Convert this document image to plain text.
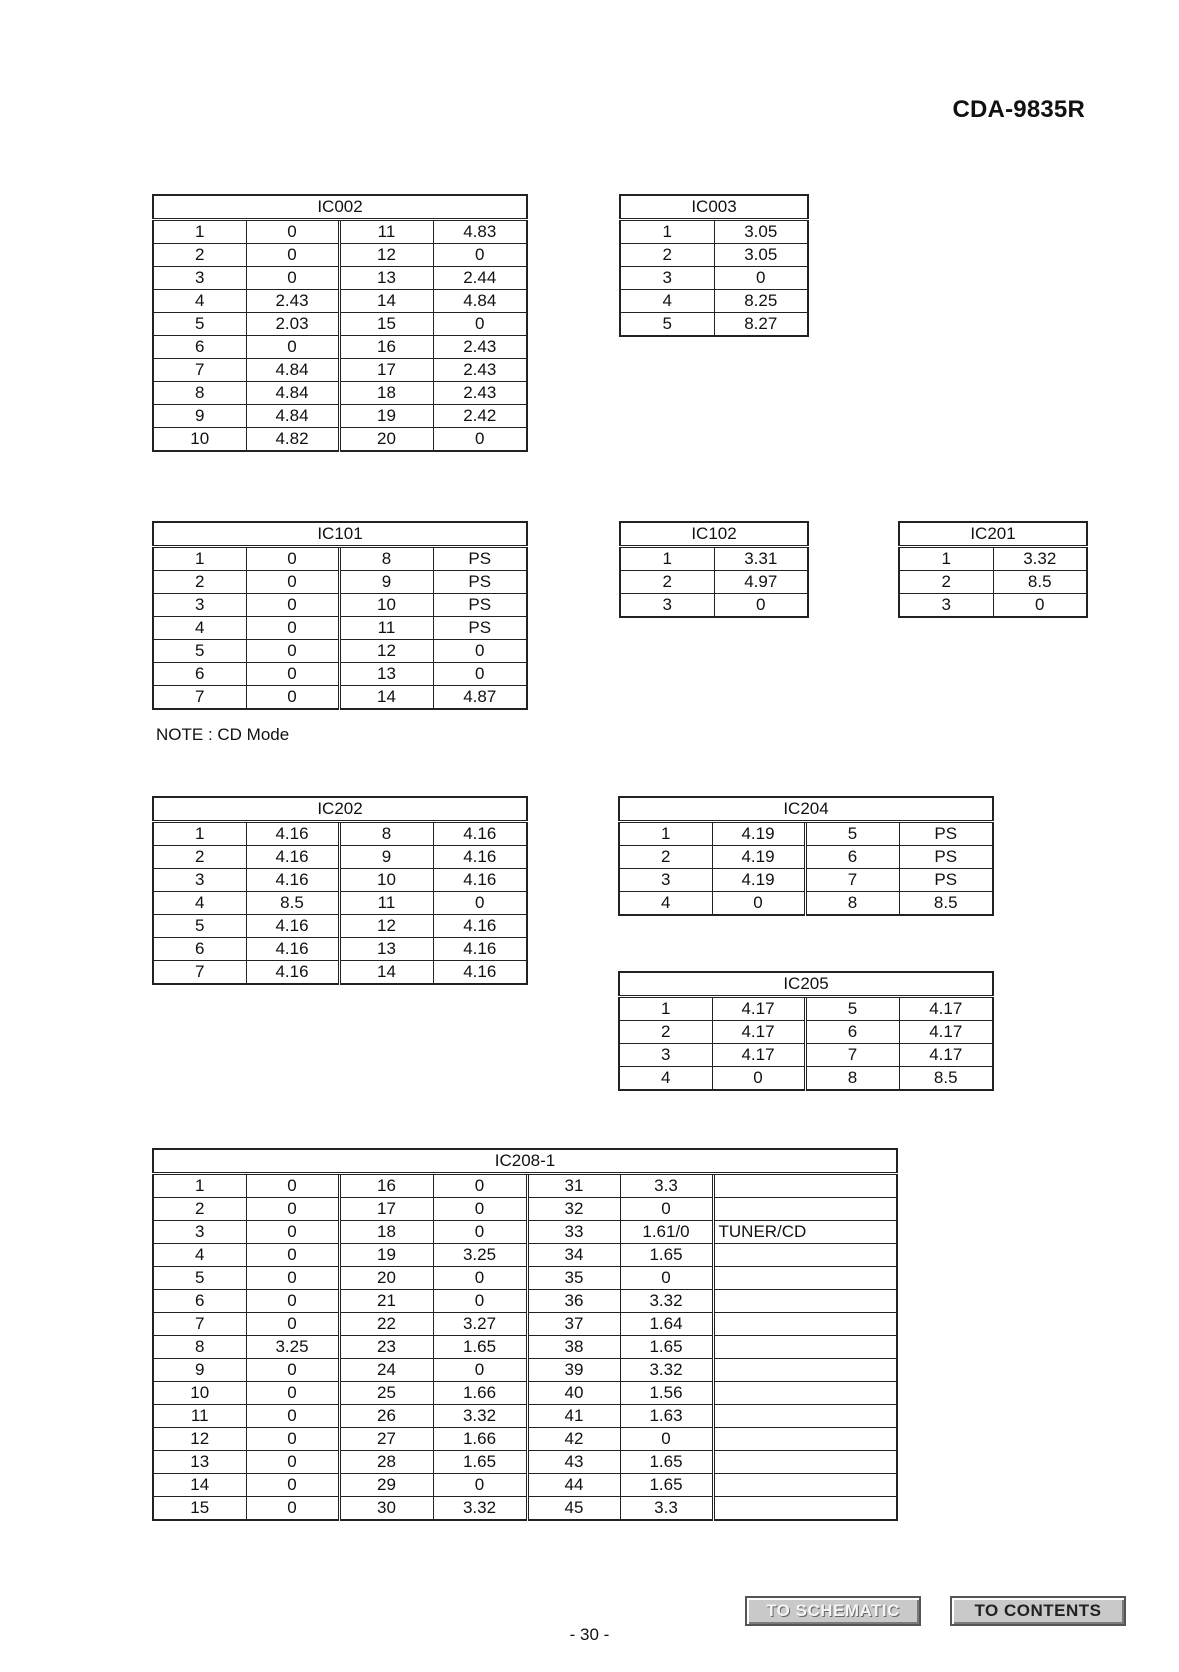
CDA-9835R
IC002			
1	0	11	4.83
2	0	12	0
3	0	13	2.44
4	2.43	14	4.84
5	2.03	15	0
6	0	16	2.43
7	4.84	17	2.43
8	4.84	18	2.43
9	4.84	19	2.42
10	4.82	20	0
IC003	
1	3.05
2	3.05
3	0
4	8.25
5	8.27
IC101			
1	0	8	PS
2	0	9	PS
3	0	10	PS
4	0	11	PS
5	0	12	0
6	0	13	0
7	0	14	4.87
NOTE : CD Mode
IC102	
1	3.31
2	4.97
3	0
IC201	
1	3.32
2	8.5
3	0
IC202			
1	4.16	8	4.16
2	4.16	9	4.16
3	4.16	10	4.16
4	8.5	11	0
5	4.16	12	4.16
6	4.16	13	4.16
7	4.16	14	4.16
IC204			
1	4.19	5	PS
2	4.19	6	PS
3	4.19	7	PS
4	0	8	8.5
IC205			
1	4.17	5	4.17
2	4.17	6	4.17
3	4.17	7	4.17
4	0	8	8.5
IC208-1						
1	0	16	0	31	3.3	
2	0	17	0	32	0	
3	0	18	0	33	1.61/0	TUNER/CD
4	0	19	3.25	34	1.65	
5	0	20	0	35	0	
6	0	21	0	36	3.32	
7	0	22	3.27	37	1.64	
8	3.25	23	1.65	38	1.65	
9	0	24	0	39	3.32	
10	0	25	1.66	40	1.56	
11	0	26	3.32	41	1.63	
12	0	27	1.66	42	0	
13	0	28	1.65	43	1.65	
14	0	29	0	44	1.65	
15	0	30	3.32	45	3.3	
TO SCHEMATIC	TO CONTENTS
- 30 -
